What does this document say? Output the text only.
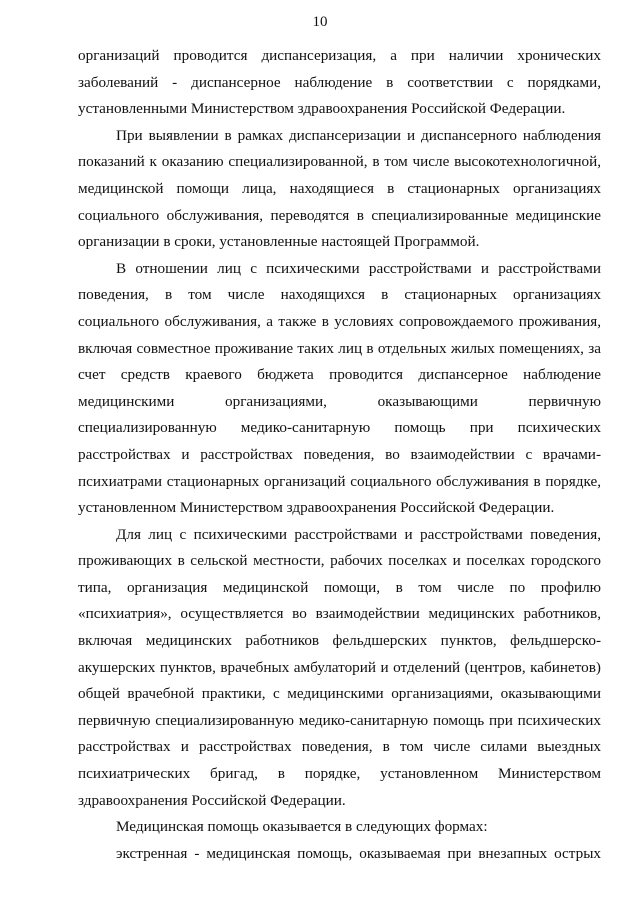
10
организаций проводится диспансеризация, а при наличии хронических
заболеваний - диспансерное наблюдение в соответствии с порядками,
установленными Министерством здравоохранения Российской Федерации.
При выявлении в рамках диспансеризации и диспансерного наблюдения
показаний к оказанию специализированной, в том числе высокотехнологичной,
медицинской помощи лица, находящиеся в стационарных организациях
социального обслуживания, переводятся в специализированные медицинские
организации в сроки, установленные настоящей Программой.
В отношении лиц с психическими расстройствами и расстройствами
поведения, в том числе находящихся в стационарных организациях
социального обслуживания, а также в условиях сопровождаемого проживания,
включая совместное проживание таких лиц в отдельных жилых помещениях, за
счет средств краевого бюджета проводится диспансерное наблюдение
медицинскими организациями, оказывающими первичную
специализированную медико-санитарную помощь при психических
расстройствах и расстройствах поведения, во взаимодействии с врачами-
психиатрами стационарных организаций социального обслуживания в порядке,
установленном Министерством здравоохранения Российской Федерации.
Для лиц с психическими расстройствами и расстройствами поведения,
проживающих в сельской местности, рабочих поселках и поселках городского
типа, организация медицинской помощи, в том числе по профилю
«психиатрия», осуществляется во взаимодействии медицинских работников,
включая медицинских работников фельдшерских пунктов, фельдшерско-
акушерских пунктов, врачебных амбулаторий и отделений (центров, кабинетов)
общей врачебной практики, с медицинскими организациями, оказывающими
первичную специализированную медико-санитарную помощь при психических
расстройствах и расстройствах поведения, в том числе силами выездных
психиатрических бригад, в порядке, установленном Министерством
здравоохранения Российской Федерации.
Медицинская помощь оказывается в следующих формах:
экстренная - медицинская помощь, оказываемая при внезапных острых
